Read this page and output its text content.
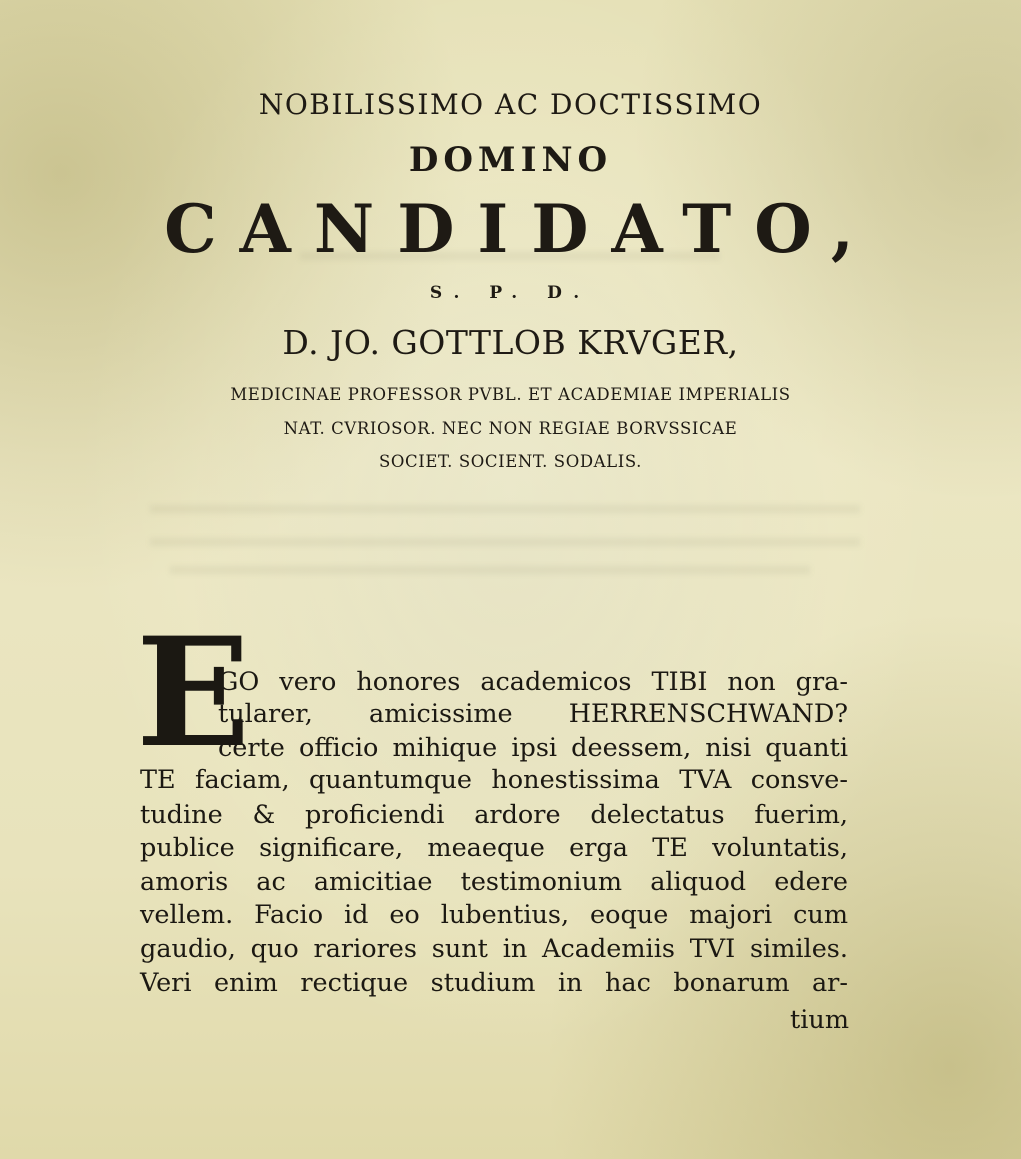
NOBILISSIMO AC DOCTISSIMO
DOMINO
CANDIDATO,
S. P. D.
D. JO. GOTTLOB KRVGER,
MEDICINAE PROFESSOR PVBL. ET ACADEMIAE IMPERIALIS
NAT. CVRIOSOR. NEC NON REGIAE BORVSSICAE
SOCIET. SOCIENT. SODALIS.
E
GO vero honores academicos TIBI non gra-
tularer, amicissime HERRENSCHWAND?
certe officio mihique ipsi deessem, nisi quanti
TE faciam, quantumque honestissima TVA consve-
tudine & proficiendi ardore delectatus fuerim,
publice significare, meaeque erga TE voluntatis,
amoris ac amicitiae testimonium aliquod edere
vellem. Facio id eo lubentius, eoque majori cum
gaudio, quo rariores sunt in Academiis TVI similes.
Veri enim rectique studium in hac bonarum ar-
tium
